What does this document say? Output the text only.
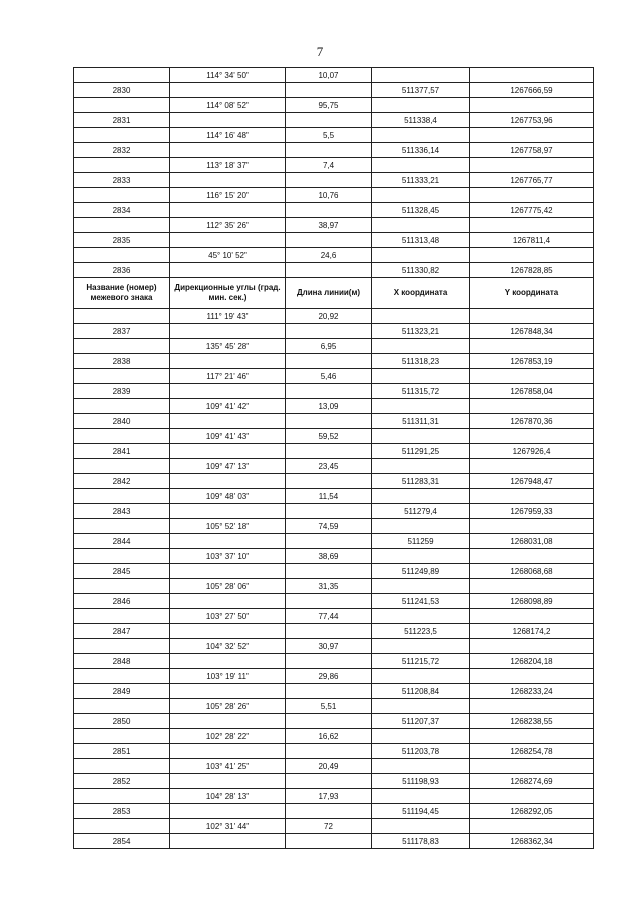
7
	114° 34' 50"	10,07		
2830			511377,57	1267666,59
	114° 08' 52"	95,75		
2831			511338,4	1267753,96
	114° 16' 48"	5,5		
2832			511336,14	1267758,97
	113° 18' 37"	7,4		
2833			511333,21	1267765,77
	116° 15' 20"	10,76		
2834			511328,45	1267775,42
	112° 35' 26"	38,97		
2835			511313,48	1267811,4
	45° 10' 52"	24,6		
2836			511330,82	1267828,85
Название (номер) межевого знака	Дирекционные углы (град. мин. сек.)	Длина линии(м)	X координата	Y координата
	111° 19' 43"	20,92		
2837			511323,21	1267848,34
	135° 45' 28"	6,95		
2838			511318,23	1267853,19
	117° 21' 46"	5,46		
2839			511315,72	1267858,04
	109° 41' 42"	13,09		
2840			511311,31	1267870,36
	109° 41' 43"	59,52		
2841			511291,25	1267926,4
	109° 47' 13"	23,45		
2842			511283,31	1267948,47
	109° 48' 03"	11,54		
2843			511279,4	1267959,33
	105° 52' 18"	74,59		
2844			511259	1268031,08
	103° 37' 10"	38,69		
2845			511249,89	1268068,68
	105° 28' 06"	31,35		
2846			511241,53	1268098,89
	103° 27' 50"	77,44		
2847			511223,5	1268174,2
	104° 32' 52"	30,97		
2848			511215,72	1268204,18
	103° 19' 11"	29,86		
2849			511208,84	1268233,24
	105° 28' 26"	5,51		
2850			511207,37	1268238,55
	102° 28' 22"	16,62		
2851			511203,78	1268254,78
	103° 41' 25"	20,49		
2852			511198,93	1268274,69
	104° 28' 13"	17,93		
2853			511194,45	1268292,05
	102° 31' 44"	72		
2854			511178,83	1268362,34
